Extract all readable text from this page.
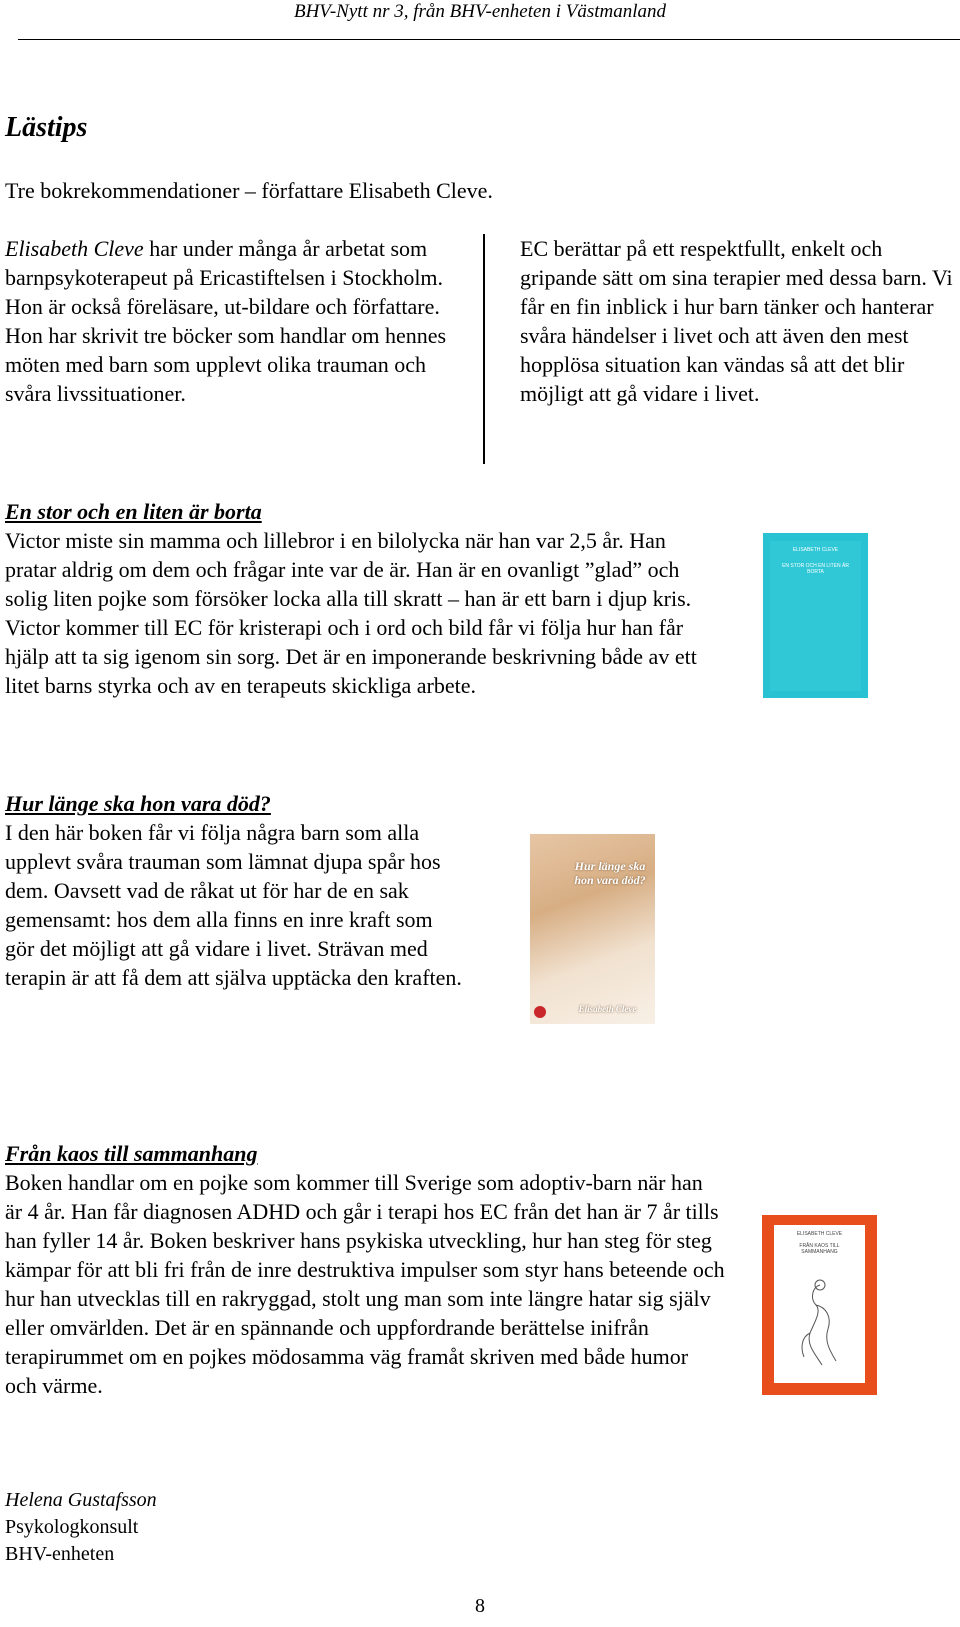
BHV-Nytt nr 3, från BHV-enheten i Västmanland
Lästips

Tre bokrekommendationer – författare Elisabeth Cleve.

Elisabeth Cleve har under många år arbetat som barnpsykoterapeut på Ericastiftelsen i Stockholm. Hon är också föreläsare, ut-bildare och författare. Hon har skrivit tre böcker som handlar om hennes möten med barn som upplevt olika trauman och svåra livssituationer.

EC berättar på ett respektfullt, enkelt och gripande sätt om sina terapier med dessa barn. Vi får en fin inblick i hur barn tänker och hanterar svåra händelser i livet och att även den mest hopplösa situation kan vändas så att det blir möjligt att gå vidare i livet.

En stor och en liten är borta

Victor miste sin mamma och lillebror i en bilolycka när han var 2,5 år. Han pratar aldrig om dem och frågar inte var de är. Han är en ovanligt ”glad” och solig liten pojke som försöker locka alla till skratt – han är ett barn i djup kris. Victor kommer till EC för kristerapi och i ord och bild får vi följa hur han får hjälp att ta sig igenom sin sorg. Det är en imponerande beskrivning både av ett litet barns styrka och av en terapeuts skickliga arbete.

ELISABETH CLEVE
EN STOR OCH EN LITEN ÄR BORTA
Hur länge ska hon vara död?

I den här boken får vi följa några barn som alla upplevt svåra trauman som lämnat djupa spår hos dem. Oavsett vad de råkat ut för har de en sak gemensamt: hos dem alla finns en inre kraft som gör det möjligt att gå vidare i livet. Strävan med terapin är att få dem att själva upptäcka den kraften.

Hur länge ska hon vara död?
Elisabeth Cleve
Från kaos till sammanhang

Boken handlar om en pojke som kommer till Sverige som adoptiv-barn när han är 4 år. Han får diagnosen ADHD och går i terapi hos EC från det han är 7 år tills han fyller 14 år. Boken beskriver hans psykiska utveckling, hur han steg för steg kämpar för att bli fri från de inre destruktiva impulser som styr hans beteende och hur han utvecklas till en rakryggad, stolt ung man som inte längre hatar sig själv eller omvärlden. Det är en spännande och uppfordrande berättelse inifrån terapirummet om en pojkes mödosamma väg framåt skriven med både humor och värme.

ELISABETH CLEVE
FRÅN KAOS TILL SAMMANHANG
Helena Gustafsson
Psykologkonsult
BHV-enheten
8
